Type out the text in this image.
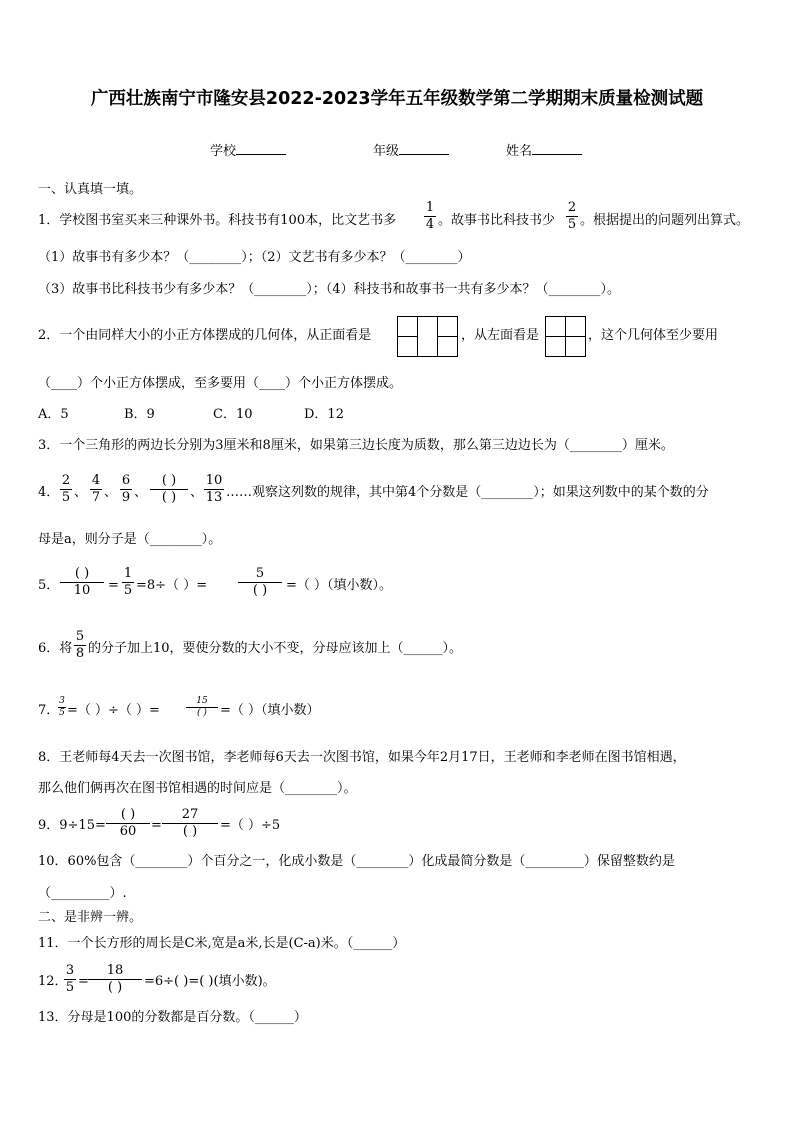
广西壮族南宁市隆安县2022-2023学年五年级数学第二学期期末质量检测试题
学校	年级	姓名
一、认真填一填。
1．学校图书室买来三种课外书。科技书有100本，比文艺书多
1
4 。故事书比科技书少
2
5 。根据提出的问题列出算式。
（1）故事书有多少本？（________）；（2）文艺书有多少本？（________）
（3）故事书比科技书少有多少本？（________）；（4）科技书和故事书一共有多少本？（________）。
2．一个由同样大小的小正方体摆成的几何体，从正面看是	，从左面看是	，这个几何体至少要用
（____）个小正方体摆成，至多要用（____）个小正方体摆成。
A．5	B．9	C．10	D．12
3．一个三角形的两边长分别为3厘米和8厘米，如果第三边长度为质数，那么第三边边长为（________）厘米。
4．
2
5 、
4
7 、
6
9 、
( )
( )	、
10
13 ……观察这列数的规律，其中第4个分数是（________）；如果这列数中的某个数的分
母是a，则分子是（________）。
5．
( )
10	=
1
5 =8÷（ ）=
5
( )	=（ ）（填小数）。
6．将
5
8 的分子加上10，要使分数的大小不变，分母应该加上（______）。
7．
3
5 =（ ）÷（ ）=
15
( )	=（ ）（填小数）
8．王老师每4天去一次图书馆，李老师每6天去一次图书馆，如果今年2月17日，王老师和李老师在图书馆相遇，
那么他们俩再次在图书馆相遇的时间应是（________）。
9．9÷15=
( )
60	=
27
( )	=（ ）÷5
10．60%包含（________）个百分之一，化成小数是（________）化成最简分数是（_________）保留整数约是
（_________）.
二、是非辨一辨。
11．一个长方形的周长是C米,宽是a米,长是(C-a)米。（______）
12．
3
5 =
18
( )	=6÷( )=( )(填小数)。
13．分母是100的分数都是百分数。（______）
